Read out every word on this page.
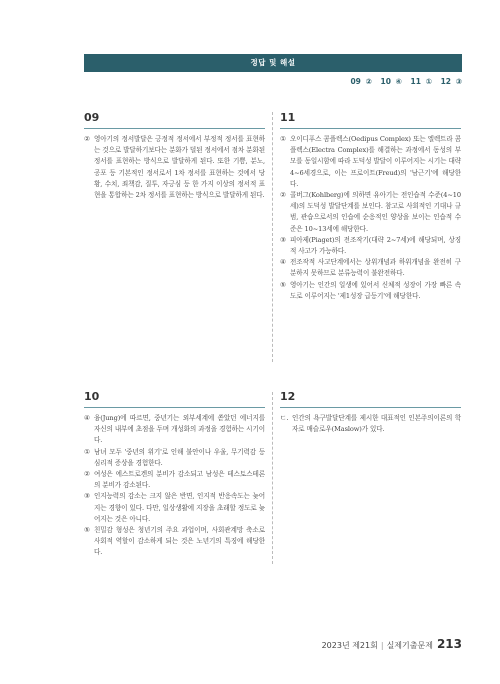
정답 및 해설
09 ② 10 ④ 11 ① 12 ③
09
② 영아기의 정서발달은 긍정적 정서에서 부정적 정서를 표현하는 것으로 발달하기보다는 분화가 덜된 정서에서 점차 분화된 정서를 표현하는 방식으로 발달하게 된다. 또한 기쁨, 분노, 공포 등 기본적인 정서로서 1차 정서를 표현하는 것에서 당황, 수치, 죄책감, 질투, 자긍심 등 한 가지 이상의 정서적 표현을 통합하는 2차 정서를 표현하는 방식으로 발달하게 된다.
11
① 오이디푸스 콤플렉스(Oedipus Complex) 또는 엘렉트라 콤플렉스(Electra Complex)를 해결하는 과정에서 동성의 부모를 동일시함에 따라 도덕성 발달이 이루어지는 시기는 대략 4~6세경으로, 이는 프로이트(Freud)의 '남근기'에 해당한다.
② 콜버그(Kohlberg)에 의하면 유아기는 전인습적 수준(4~10세)의 도덕성 발달단계를 보인다. 참고로 사회적인 기대나 규범, 관습으로서의 인습에 순응적인 양상을 보이는 인습적 수준은 10~13세에 해당한다.
③ 피아제(Piaget)의 전조작기(대략 2~7세)에 해당되며, 상징적 사고가 가능하다.
④ 전조작적 사고단계에서는 상위개념과 하위개념을 완전히 구분하지 못하므로 분류능력이 불완전하다.
⑤ 영아기는 인간의 일생에 있어서 신체적 성장이 가장 빠른 속도로 이루어지는 '제1성장 급등기'에 해당한다.
10
④ 융(Jung)에 따르면, 중년기는 외부세계에 쏟았던 에너지를 자신의 내부에 초점을 두며 개성화의 과정을 경험하는 시기이다.
① 남녀 모두 '중년의 위기'로 인해 불안이나 우울, 무기력감 등 심리적 증상을 경험한다.
② 여성은 에스트로겐의 분비가 감소되고 남성은 테스토스테론의 분비가 감소된다.
③ 인지능력의 감소는 크지 않은 반면, 인지적 반응속도는 늦어지는 경향이 있다. 다만, 일상생활에 지장을 초래할 정도로 늦어지는 것은 아니다.
⑤ 친밀감 형성은 청년기의 주요 과업이며, 사회관계망 축소로 사회적 역할이 감소하게 되는 것은 노년기의 특징에 해당한다.
12
ㄷ. 인간의 욕구발달단계를 제시한 대표적인 인본주의이론의 학자로 매슬로우(Maslow)가 있다.
2023년 제21회 | 실제기출문제 213
